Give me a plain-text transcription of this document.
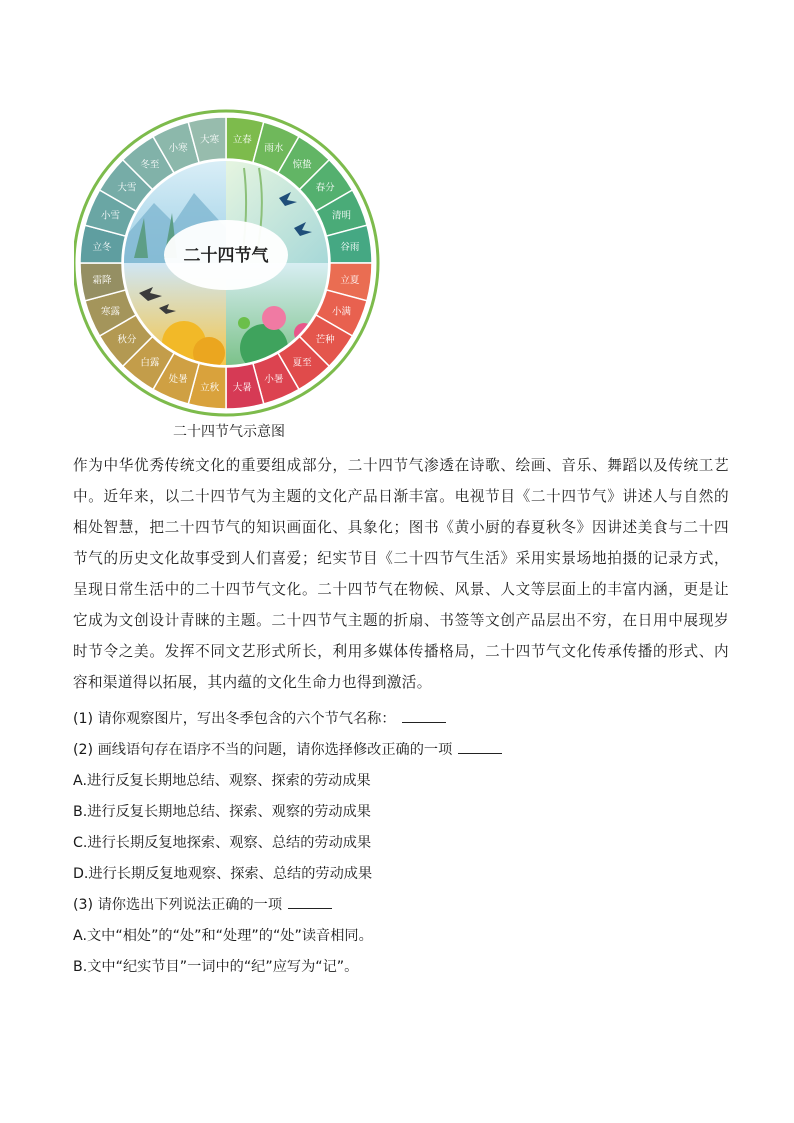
立春
雨水
惊蛰
春分
清明
谷雨
立夏
小满
芒种
夏至
小暑
大暑
立秋
处暑
白露
秋分
寒露
霜降
立冬
小雪
大雪
冬至
小寒
大寒
二十四节气
二十四节气示意图
作为中华优秀传统文化的重要组成部分，二十四节气渗透在诗歌、绘画、音乐、舞蹈以及传统工艺中。近年来，以二十四节气为主题的文化产品日渐丰富。电视节目《二十四节气》讲述人与自然的相处智慧，把二十四节气的知识画面化、具象化；图书《黄小厨的春夏秋冬》因讲述美食与二十四节气的历史文化故事受到人们喜爱；纪实节目《二十四节气生活》采用实景场地拍摄的记录方式，呈现日常生活中的二十四节气文化。二十四节气在物候、风景、人文等层面上的丰富内涵，更是让它成为文创设计青睐的主题。二十四节气主题的折扇、书签等文创产品层出不穷，在日用中展现岁时节令之美。发挥不同文艺形式所长，利用多媒体传播格局，二十四节气文化传承传播的形式、内容和渠道得以拓展，其内蕴的文化生命力也得到激活。
(1) 请你观察图片，写出冬季包含的六个节气名称：
(2) 画线语句存在语序不当的问题，请你选择修改正确的一项
A.进行反复长期地总结、观察、探索的劳动成果
B.进行反复长期地总结、探索、观察的劳动成果
C.进行长期反复地探索、观察、总结的劳动成果
D.进行长期反复地观察、探索、总结的劳动成果
(3) 请你选出下列说法正确的一项
A.文中“相处”的“处”和“处理”的“处”读音相同。
B.文中“纪实节目”一词中的“纪”应写为“记”。
